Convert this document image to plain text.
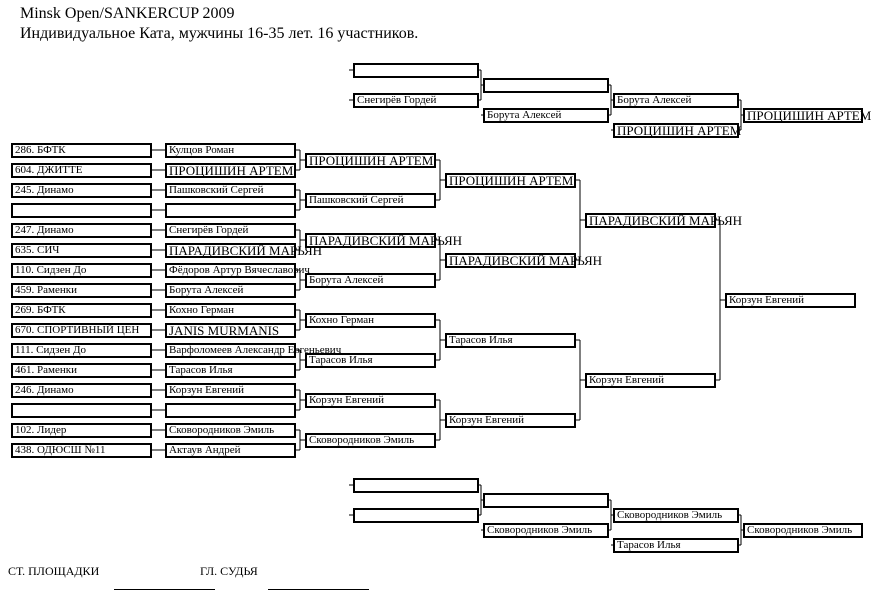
Minsk Open/SANKERCUP 2009
Индивидуальное Ката, мужчины 16-35 лет. 16 участников.
286. БФТК
604. ДЖИТТЕ
245. Динамо
247. Динамо
635. СИЧ
110. Сидзен До
459. Раменки
269. БФТК
670. СПОРТИВНЫЙ ЦЕН
111. Сидзен До
461. Раменки
246. Динамо
102. Лидер
438. ОДЮСШ №11
Кулцов Роман
ПРОЦИШИН АРТЕМ
Пашковский Сергей
Снегирёв Гордей
ПАРАДИВСКИЙ МАРЬЯН
Фёдоров Артур Вячеславович
Борута Алексей
Кохно Герман
JANIS MURMANIS
Варфоломеев Александр Евгеньевич
Тарасов Илья
Корзун Евгений
Сковородников Эмиль
Актаув Андрей
ПРОЦИШИН АРТЕМ
Пашковский Сергей
ПАРАДИВСКИЙ МАРЬЯН
Борута Алексей
Кохно Герман
Тарасов Илья
Корзун Евгений
Сковородников Эмиль
ПРОЦИШИН АРТЕМ
ПАРАДИВСКИЙ МАРЬЯН
Тарасов Илья
Корзун Евгений
ПАРАДИВСКИЙ МАРЬЯН
Корзун Евгений
Корзун Евгений
Снегирёв Гордей
Борута Алексей
Борута Алексей
ПРОЦИШИН АРТЕМ
ПРОЦИШИН АРТЕМ
Сковородников Эмиль
Сковородников Эмиль
Тарасов Илья
Сковородников Эмиль
СТ. ПЛОЩАДКИ	ГЛ. СУДЬЯ
